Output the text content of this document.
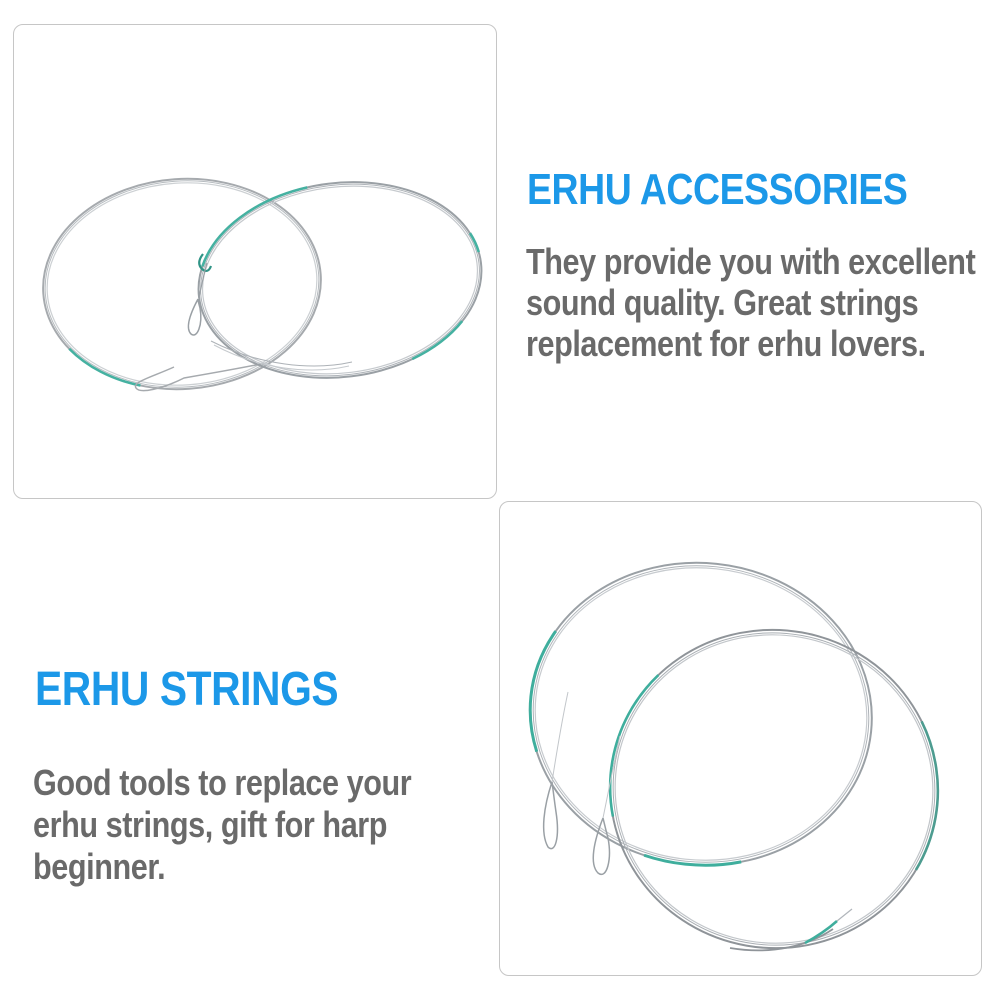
ERHU ACCESSORIES
They provide you with excellent
sound quality. Great strings
replacement for erhu lovers.
ERHU STRINGS
Good tools to replace your
erhu strings, gift for harp
beginner.
